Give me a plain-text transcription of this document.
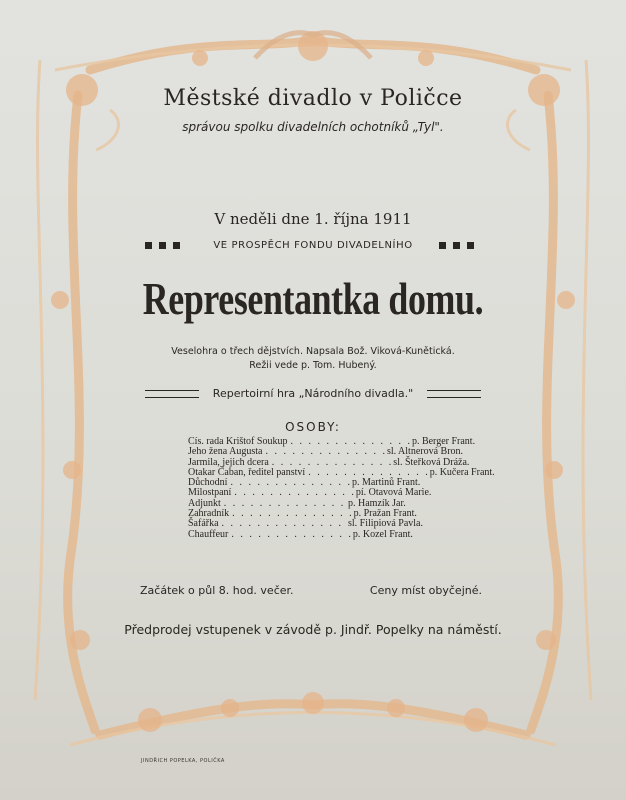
Městské divadlo v Poličce
správou spolku divadelních ochotníků „Tyl".
V neděli dne 1. října 1911
VE PROSPĚCH FONDU DIVADELNÍHO
Representantka domu.
Veselohra o třech dějstvích. Napsala Bož. Viková-Kunětická.
Režii vede p. Tom. Hubený.
Repertoirní hra „Národního divadla."
OSOBY:
Cís. rada Krištof Soukup . . . . . . . . . . . . . . p. Berger Frant.
Jeho žena Augusta . . . . . . . . . . . . . . sl. Altnerová Bron.
Jarmila, jejich dcera . . . . . . . . . . . . . . sl. Šteřková Dráža.
Otakar Čaban, ředitel panství . . . . . . . . . . . . . . p. Kučera Frant.
Důchodní . . . . . . . . . . . . . . p. Martinů Frant.
Milostpaní . . . . . . . . . . . . . . pí. Otavová Marie.
Adjunkt . . . . . . . . . . . . . . p. Hamzík Jar.
Zahradník . . . . . . . . . . . . . . p. Pražan Frant.
Šafářka . . . . . . . . . . . . . . sl. Filipiová Pavla.
Chauffeur . . . . . . . . . . . . . . p. Kozel Frant.
Začátek o půl 8. hod. večer.	Ceny míst obyčejné.
Předprodej vstupenek v závodě p. Jindř. Popelky na náměstí.
JINDŘICH POPELKA, POLIČKA
